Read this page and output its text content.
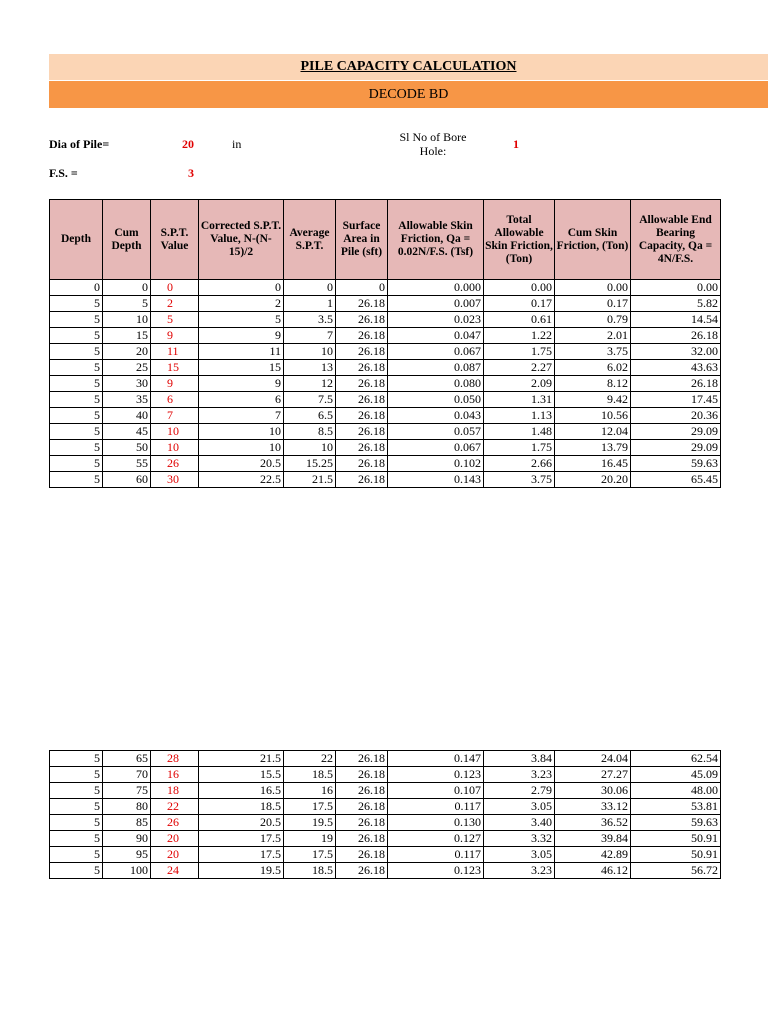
PILE CAPACITY CALCULATION
DECODE BD
Dia of Pile=	20	in	Sl No of Bore
Hole:	1
F.S. =	3
Depth	Cum Depth	S.P.T. Value	Corrected S.P.T. Value, N-(N-15)/2	Average S.P.T.	Surface Area in Pile (sft)	Allowable Skin Friction, Qa = 0.02N/F.S. (Tsf)	Total Allowable Skin Friction, (Ton)	Cum Skin Friction, (Ton)	Allowable End Bearing Capacity, Qa = 4N/F.S.
0	0	0	0	0	0	0.000	0.00	0.00	0.00
5	5	2	2	1	26.18	0.007	0.17	0.17	5.82
5	10	5	5	3.5	26.18	0.023	0.61	0.79	14.54
5	15	9	9	7	26.18	0.047	1.22	2.01	26.18
5	20	11	11	10	26.18	0.067	1.75	3.75	32.00
5	25	15	15	13	26.18	0.087	2.27	6.02	43.63
5	30	9	9	12	26.18	0.080	2.09	8.12	26.18
5	35	6	6	7.5	26.18	0.050	1.31	9.42	17.45
5	40	7	7	6.5	26.18	0.043	1.13	10.56	20.36
5	45	10	10	8.5	26.18	0.057	1.48	12.04	29.09
5	50	10	10	10	26.18	0.067	1.75	13.79	29.09
5	55	26	20.5	15.25	26.18	0.102	2.66	16.45	59.63
5	60	30	22.5	21.5	26.18	0.143	3.75	20.20	65.45
5	65	28	21.5	22	26.18	0.147	3.84	24.04	62.54
5	70	16	15.5	18.5	26.18	0.123	3.23	27.27	45.09
5	75	18	16.5	16	26.18	0.107	2.79	30.06	48.00
5	80	22	18.5	17.5	26.18	0.117	3.05	33.12	53.81
5	85	26	20.5	19.5	26.18	0.130	3.40	36.52	59.63
5	90	20	17.5	19	26.18	0.127	3.32	39.84	50.91
5	95	20	17.5	17.5	26.18	0.117	3.05	42.89	50.91
5	100	24	19.5	18.5	26.18	0.123	3.23	46.12	56.72
